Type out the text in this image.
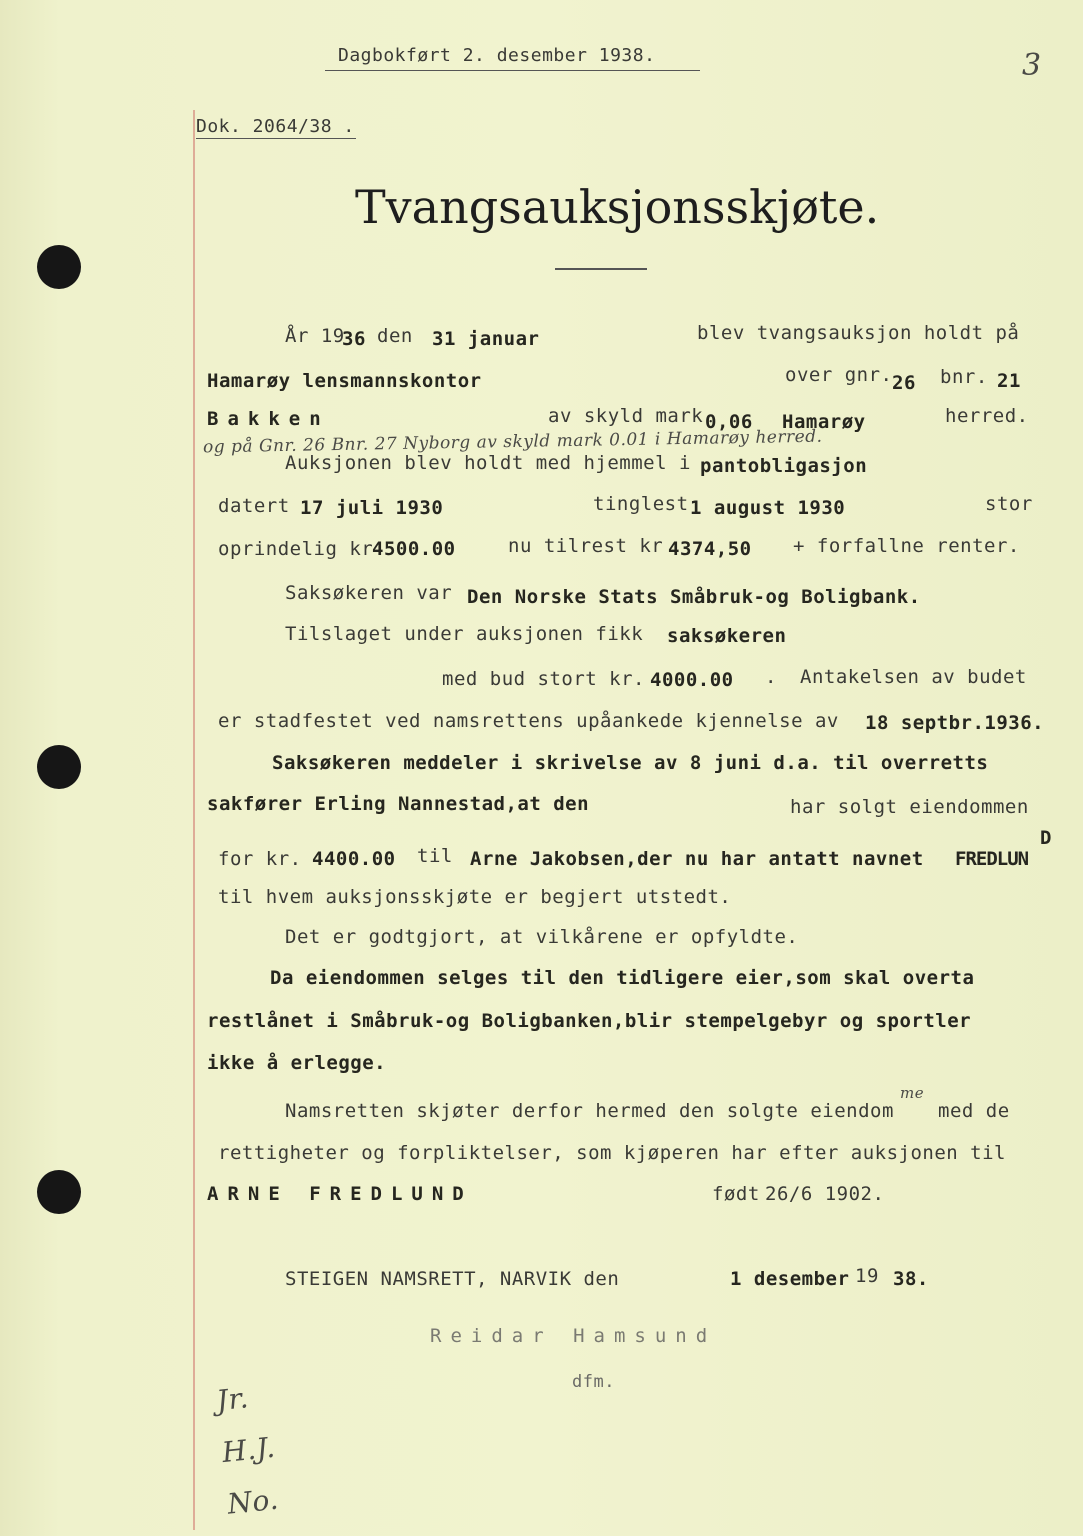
Dagbokført 2. desember 1938.	3
Dok. 2064/38 .
Tvangsauksjonsskjøte.
År 19
36 den 31 januar	blev tvangsauksjon holdt på
Hamarøy lensmannskontor	over gnr. 26 bnr. 21
Bakken	av skyld mark 0,06 Hamarøy	herred.
og på Gnr. 26 Bnr. 27 Nyborg av skyld mark 0.01 i Hamarøy herred.
Auksjonen blev holdt med hjemmel i pantobligasjon
datert 17 juli 1930	tinglest 1 august 1930	stor
oprindelig kr
4500.00	nu tilrest kr 4374,50 + forfallne renter.
Saksøkeren var Den Norske Stats Småbruk-og Boligbank.
Tilslaget under auksjonen fikk saksøkeren
med bud stort kr. 4000.00 . Antakelsen av budet
er stadfestet ved namsrettens upåankede kjennelse av 18 septbr.1936.
Saksøkeren meddeler i skrivelse av 8 juni d.a. til overretts
sakfører Erling Nannestad,at den	har solgt eiendommen
D
for kr. 4400.00 til Arne Jakobsen,der nu har antatt navnet FREDLUN
til hvem auksjonsskjøte er begjert utstedt.
Det er godtgjort, at vilkårene er opfyldte.
Da eiendommen selges til den tidligere eier,som skal overta
restlånet i Småbruk-og Boligbanken,blir stempelgebyr og sportler
ikke å erlegge.
Namsretten skjøter derfor hermed den solgte eiendom
me
med de
rettigheter og forpliktelser, som kjøperen har efter auksjonen til
ARNE FREDLUND	født 26/6 1902.
STEIGEN NAMSRETT, NARVIK den	1 desember 19 38.
Reidar Hamsund
dfm.
Jr. H.J. No.
